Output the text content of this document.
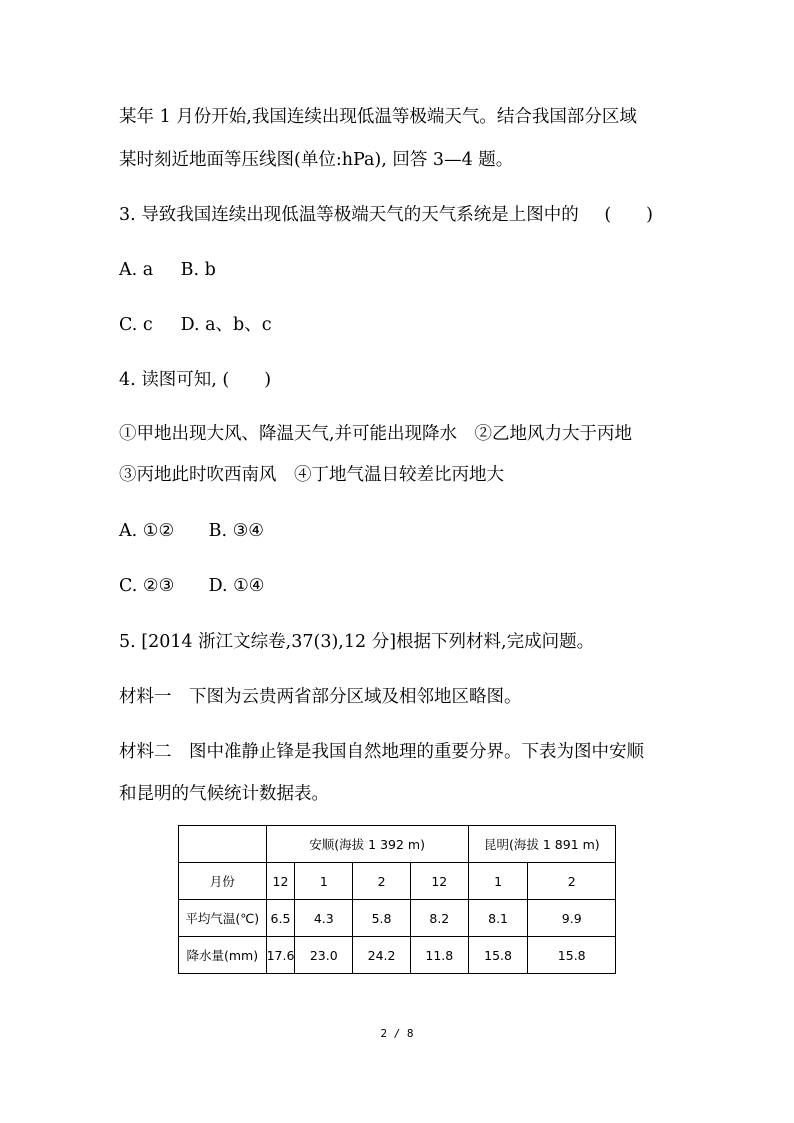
某年 1 月份开始,我国连续出现低温等极端天气。结合我国部分区域
某时刻近地面等压线图(单位:hPa), 回答 3—4 题。
3. 导致我国连续出现低温等极端天气的天气系统是上图中的 (　　)
A. a B. b
C. c D. a、b、c
4. 读图可知, (　　)
①甲地出现大风、降温天气,并可能出现降水　②乙地风力大于丙地
③丙地此时吹西南风　④丁地气温日较差比丙地大
A. ①② B. ③④
C. ②③ D. ①④
5. [2014 浙江文综卷,37(3),12 分]根据下列材料,完成问题。
材料一　下图为云贵两省部分区域及相邻地区略图。
材料二　图中准静止锋是我国自然地理的重要分界。下表为图中安顺
和昆明的气候统计数据表。
	安顺(海拔 1 392 m)				昆明(海拔 1 891 m)	
月份	12	1	2	12	1	2
平均气温(℃)	6.5	4.3	5.8	8.2	8.1	9.9
降水量(mm)	17.6	23.0	24.2	11.8	15.8	15.8
2 / 8
